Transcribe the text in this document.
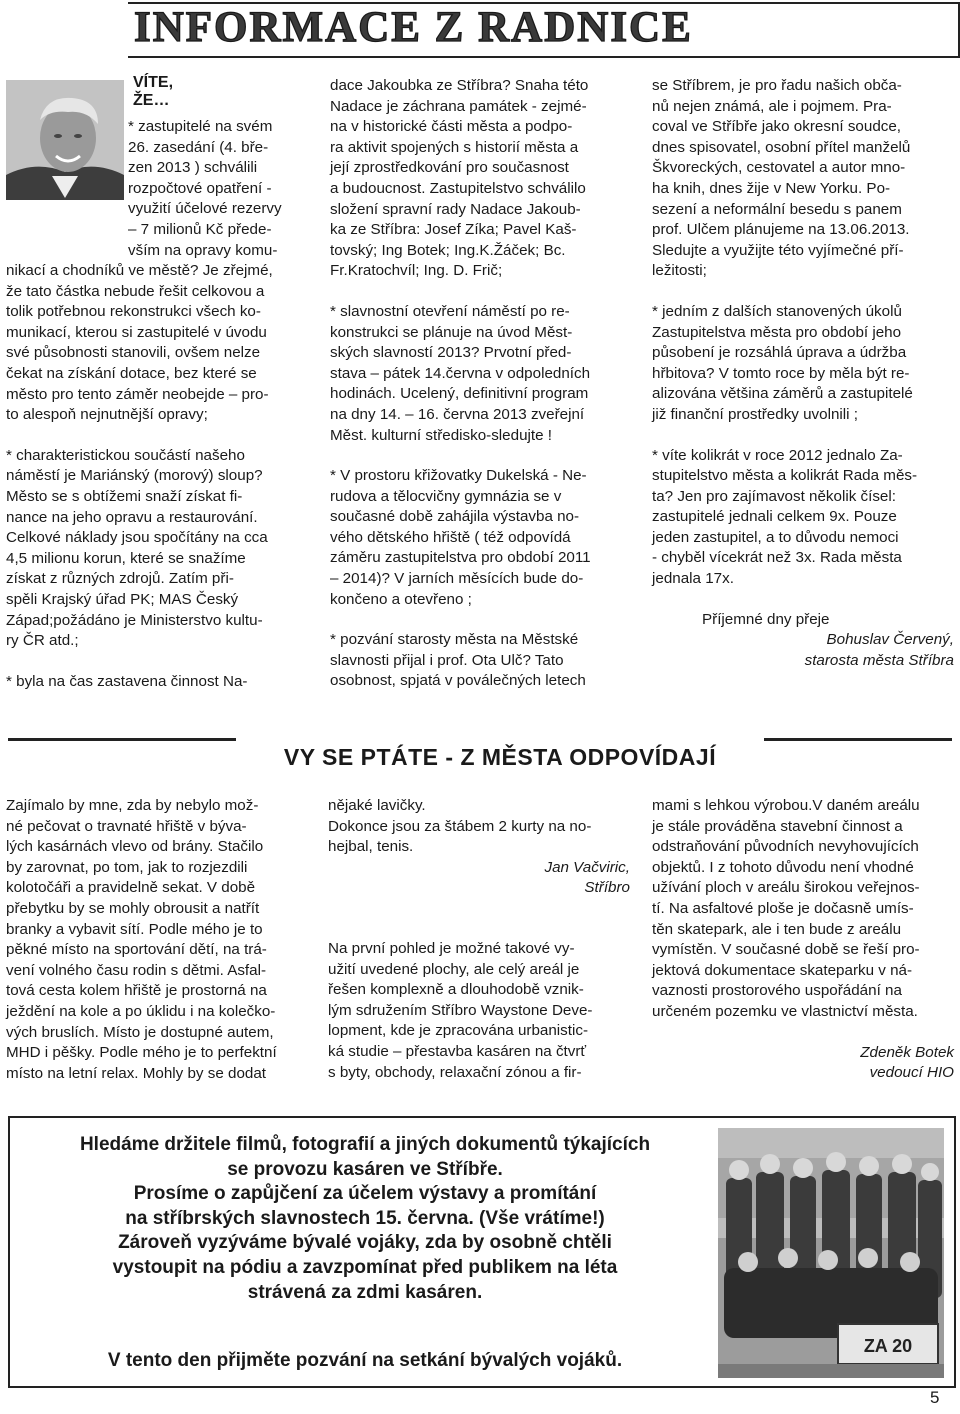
INFORMACE Z RADNICE
VÍTE, ŽE…

* zastupitelé na svém

26. zasedání (4. bře-

zen 2013 ) schválili

rozpočtové opatření -

využití účelové rezervy

– 7 milionů Kč přede-

vším na opravy komu-

nikací a chodníků ve městě? Je zřejmé,

že tato částka nebude řešit celkovou a

tolik potřebnou rekonstrukci všech ko-

munikací, kterou si zastupitelé v úvodu

své působnosti stanovili, ovšem nelze

čekat na získání dotace, bez které se

město pro tento záměr neobejde – pro-

to alespoň nejnutnější opravy;

* charakteristickou součástí našeho

náměstí je Mariánský (morový) sloup?

Město se s obtížemi snaží získat fi-

nance na jeho opravu a restaurování.

Celkové náklady jsou spočítány na cca

4,5 milionu korun, které se snažíme

získat z různých zdrojů. Zatím při-

spěli Krajský úřad PK; MAS Český

Západ;požádáno je Ministerstvo kultu-

ry ČR atd.;

* byla na čas zastavena činnost Na-

dace Jakoubka ze Stříbra? Snaha této

Nadace je záchrana památek - zejmé-

na v historické části města a podpo-

ra aktivit spojených s historií města a

její zprostředkování pro současnost

a budoucnost. Zastupitelstvo schválilo

složení spravní rady Nadace Jakoub-

ka ze Stříbra: Josef Zíka; Pavel Kaš-

tovský; Ing Botek; Ing.K.Žáček; Bc.

Fr.Kratochvíl; Ing. D. Frič;

* slavnostní otevření náměstí po re-

konstrukci se plánuje na úvod Měst-

ských slavností 2013? Prvotní před-

stava – pátek 14.června v odpoledních

hodinách. Ucelený, definitivní program

na dny 14. – 16. června 2013 zveřejní

Měst. kulturní středisko-sledujte !

* V prostoru křižovatky Dukelská - Ne-

rudova a tělocvičny gymnázia se v

současné době zahájila výstavba no-

vého dětského hřiště ( též odpovídá

záměru zastupitelstva pro období 2011

– 2014)? V jarních měsících bude do-

končeno a otevřeno ;

* pozvání starosty města na Městské

slavnosti přijal i prof. Ota Ulč? Tato

osobnost, spjatá v poválečných letech

se Stříbrem, je pro řadu našich obča-

nů nejen známá, ale i pojmem. Pra-

coval ve Stříbře jako okresní soudce,

dnes spisovatel, osobní přítel manželů

Škvoreckých, cestovatel a autor mno-

ha knih, dnes žije v New Yorku. Po-

sezení a neformální besedu s panem

prof. Ulčem plánujeme na 13.06.2013.

Sledujte a využijte této vyjímečné pří-

ležitosti;

* jedním z dalších stanovených úkolů

Zastupitelstva města pro období jeho

působení je rozsáhlá úprava a údržba

hřbitova? V tomto roce by měla být re-

alizována většina záměrů a zastupitelé

již finanční prostředky uvolnili ;

* víte kolikrát v roce 2012 jednalo Za-

stupitelstvo města a kolikrát Rada měs-

ta? Jen pro zajímavost několik čísel:

zastupitelé jednali celkem 9x. Pouze

jeden zastupitel, a to důvodu nemoci

- chyběl vícekrát než 3x. Rada města

jednala 17x.

Příjemné dny přeje

Bohuslav Červený,

starosta města Stříbra

VY SE PTÁTE - Z MĚSTA ODPOVÍDAJÍ

Zajímalo by mne, zda by nebylo mož-

né pečovat o travnaté hřiště v býva-

lých kasárnách vlevo od brány. Stačilo

by zarovnat, po tom, jak to rozjezdili

kolotočáři a pravidelně sekat. V době

přebytku by se mohly obrousit a natřít

branky a vybavit sítí. Podle mého je to

pěkné místo na sportování dětí, na trá-

vení volného času rodin s dětmi. Asfal-

tová cesta kolem hřiště je prostorná na

ježdění na kole a po úklidu i na kolečko-

vých bruslích. Místo je dostupné autem,

MHD i pěšky. Podle mého je to perfektní

místo na letní relax. Mohly by se dodat

nějaké lavičky.

Dokonce jsou za štábem 2 kurty na no-

hejbal, tenis.

Jan Vačviric,

Stříbro

Na první pohled je možné takové vy-

užití uvedené plochy, ale celý areál je

řešen komplexně a dlouhodobě vznik-

lým sdružením Stříbro Waystone Deve-

lopment, kde je zpracována urbanistic-

ká studie – přestavba kasáren na čtvrť

s byty, obchody, relaxační zónou a fir-

mami s lehkou výrobou.V daném areálu

je stále prováděna stavební činnost a

odstraňování původních nevyhovujících

objektů. I z tohoto důvodu není vhodné

užívání ploch v areálu širokou veřejnos-

tí. Na asfaltové ploše je dočasně umís-

těn skatepark, ale i ten bude z areálu

vymístěn. V současné době se řeší pro-

jektová dokumentace skateparku v ná-

vaznosti prostorového uspořádání na

určeném pozemku ve vlastnictví města.

Zdeněk Botek

vedoucí HIO

Hledáme držitele filmů, fotografií a jiných dokumentů týkajících
se provozu kasáren ve Stříbře.
Prosíme o zapůjčení za účelem výstavy a promítání
na stříbrských slavnostech 15. června. (Vše vrátíme!)
Zároveň vyzýváme bývalé vojáky, zda by osobně chtěli
vystoupit na pódiu a zavzpomínat před publikem na léta
strávená za zdmi kasáren.
V tento den přijměte pozvání na setkání bývalých vojáků.
ZA 20
5
